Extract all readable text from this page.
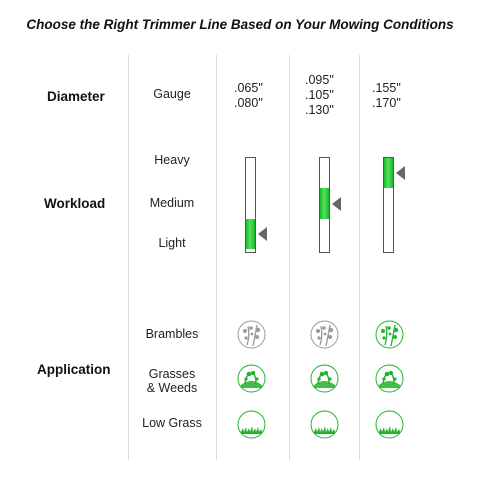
Choose the Right Trimmer Line Based on Your Mowing Conditions
Diameter
Workload
Application
Gauge
Heavy
Medium
Light
Brambles
Grasses
& Weeds
Low Grass
.065"
.080"
.095"
.105"
.130"
.155"
.170"
